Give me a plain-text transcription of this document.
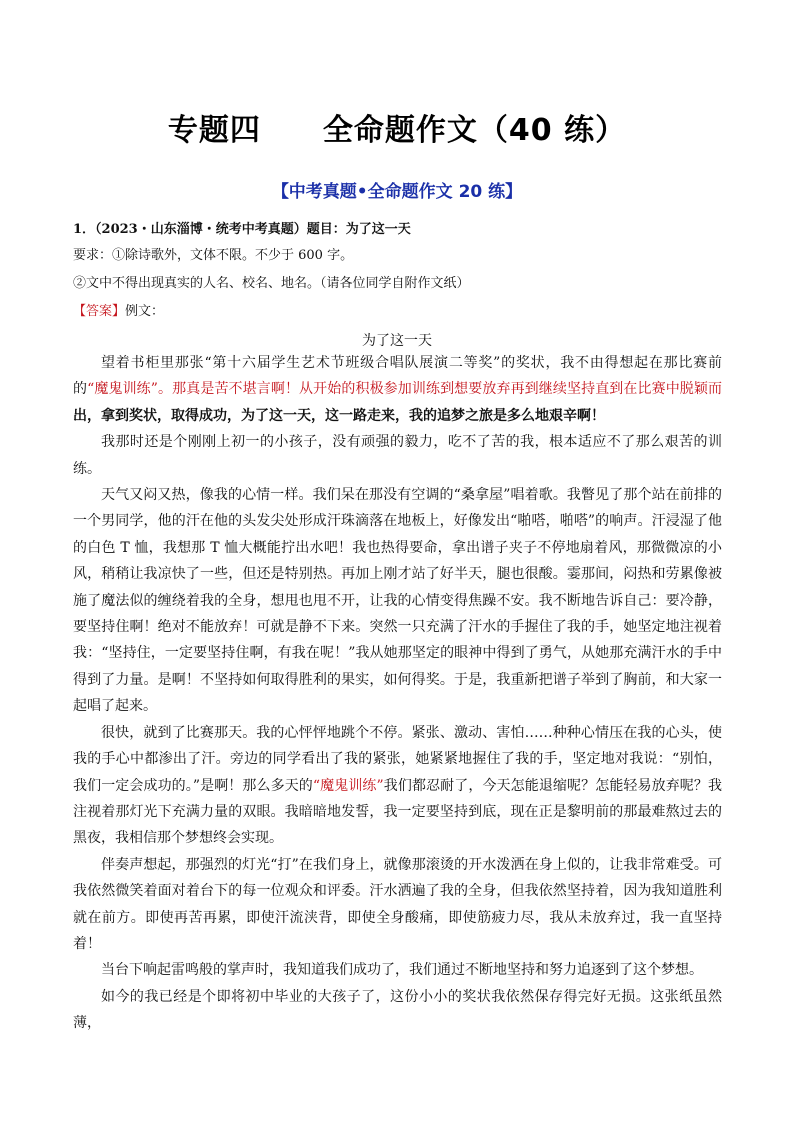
专题四 全命题作文（40 练）
【中考真题•全命题作文 20 练】
1．（2023・山东淄博・统考中考真题）题目：为了这一天
要求：①除诗歌外，文体不限。不少于 600 字。
②文中不得出现真实的人名、校名、地名。（请各位同学自附作文纸）
【答案】例文：
为了这一天

望着书柜里那张“第十六届学生艺术节班级合唱队展演二等奖”的奖状，我不由得想起在那比赛前的“魔鬼训练”。那真是苦不堪言啊！从开始的积极参加训练到想要放弃再到继续坚持直到在比赛中脱颖而出，拿到奖状，取得成功，为了这一天，这一路走来，我的追梦之旅是多么地艰辛啊！

我那时还是个刚刚上初一的小孩子，没有顽强的毅力，吃不了苦的我，根本适应不了那么艰苦的训练。

天气又闷又热，像我的心情一样。我们呆在那没有空调的“桑拿屋”唱着歌。我瞥见了那个站在前排的一个男同学，他的汗在他的头发尖处形成汗珠滴落在地板上，好像发出“啪嗒，啪嗒”的响声。汗浸湿了他的白色 T 恤，我想那 T 恤大概能拧出水吧！我也热得要命，拿出谱子夹子不停地扇着风，那微微凉的小风，稍稍让我凉快了一些，但还是特别热。再加上刚才站了好半天，腿也很酸。霎那间，闷热和劳累像被施了魔法似的缠绕着我的全身，想甩也甩不开，让我的心情变得焦躁不安。我不断地告诉自己：要冷静，要坚持住啊！绝对不能放弃！可就是静不下来。突然一只充满了汗水的手握住了我的手，她坚定地注视着我：“坚持住，一定要坚持住啊，有我在呢！”我从她那坚定的眼神中得到了勇气，从她那充满汗水的手中得到了力量。是啊！不坚持如何取得胜利的果实，如何得奖。于是，我重新把谱子举到了胸前，和大家一起唱了起来。

很快，就到了比赛那天。我的心怦怦地跳个不停。紧张、激动、害怕……种种心情压在我的心头，使我的手心中都渗出了汗。旁边的同学看出了我的紧张，她紧紧地握住了我的手，坚定地对我说：“别怕，我们一定会成功的。”是啊！那么多天的“魔鬼训练”我们都忍耐了，今天怎能退缩呢？怎能轻易放弃呢？我注视着那灯光下充满力量的双眼。我暗暗地发誓，我一定要坚持到底，现在正是黎明前的那最难熬过去的黑夜，我相信那个梦想终会实现。

伴奏声想起，那强烈的灯光“打”在我们身上，就像那滚烫的开水泼洒在身上似的，让我非常难受。可我依然微笑着面对着台下的每一位观众和评委。汗水洒遍了我的全身，但我依然坚持着，因为我知道胜利就在前方。即使再苦再累，即使汗流浃背，即使全身酸痛，即使筋疲力尽，我从未放弃过，我一直坚持着！

当台下响起雷鸣般的掌声时，我知道我们成功了，我们通过不断地坚持和努力追逐到了这个梦想。

如今的我已经是个即将初中毕业的大孩子了，这份小小的奖状我依然保存得完好无损。这张纸虽然薄，
